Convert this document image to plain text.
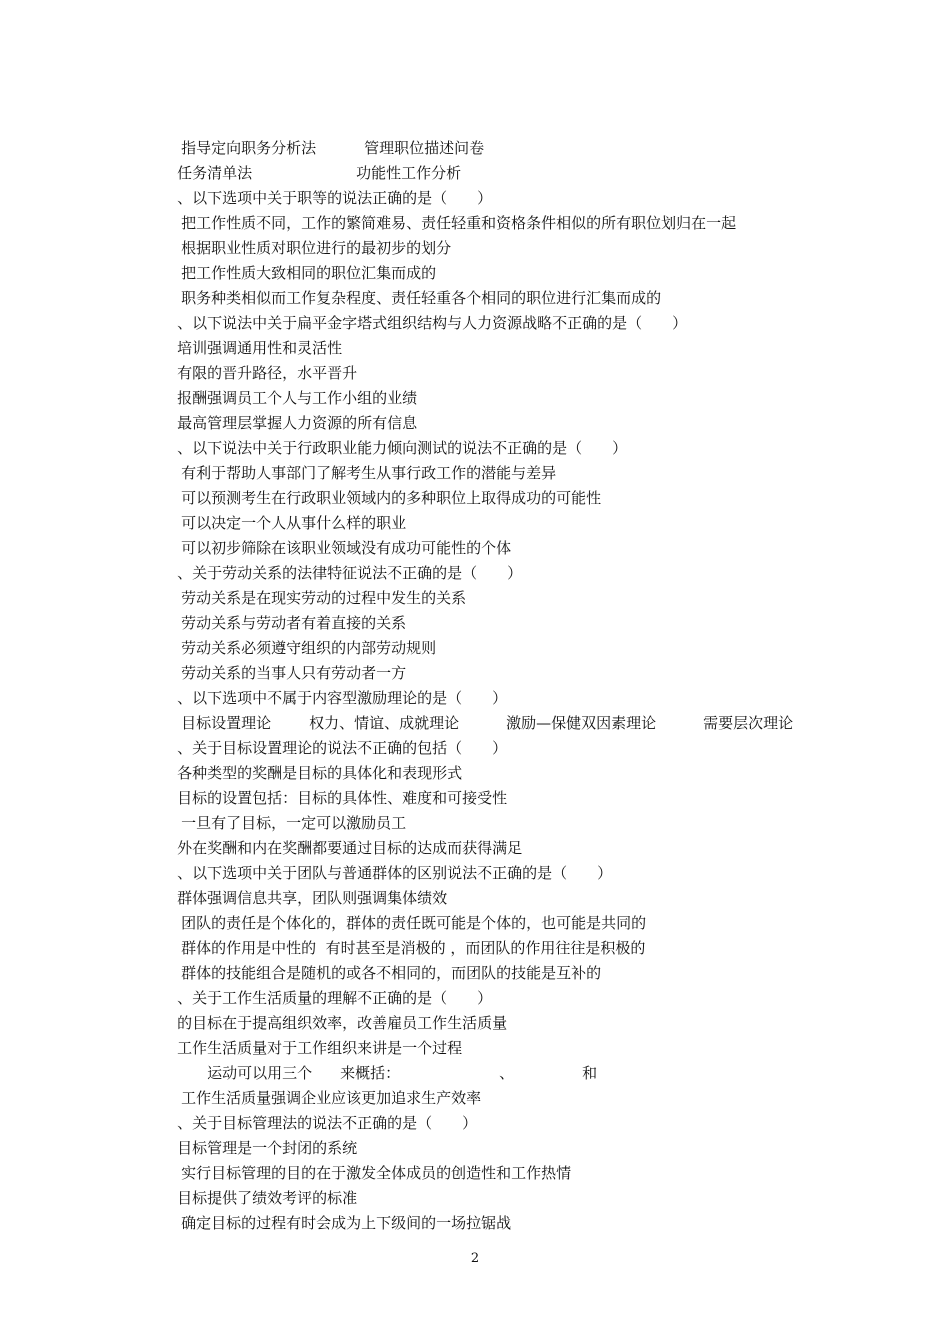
指导定向职务分析法
	管理职位描述问卷

任务清单法
	功能性工作分析

、以下选项中关于职等的说法正确的是（　　）

把工作性质不同，工作的繁简难易、责任轻重和资格条件相似的所有职位划归在一起

根据职业性质对职位进行的最初步的划分

把工作性质大致相同的职位汇集而成的

职务种类相似而工作复杂程度、责任轻重各个相同的职位进行汇集而成的

、以下说法中关于扁平金字塔式组织结构与人力资源战略不正确的是（　　）

培训强调通用性和灵活性

有限的晋升路径，水平晋升

报酬强调员工个人与工作小组的业绩

最高管理层掌握人力资源的所有信息

、以下说法中关于行政职业能力倾向测试的说法不正确的是（　　）

有利于帮助人事部门了解考生从事行政工作的潜能与差异

可以预测考生在行政职业领域内的多种职位上取得成功的可能性

可以决定一个人从事什么样的职业

可以初步筛除在该职业领域没有成功可能性的个体

、关于劳动关系的法律特征说法不正确的是（　　）

劳动关系是在现实劳动的过程中发生的关系

劳动关系与劳动者有着直接的关系

劳动关系必须遵守组织的内部劳动规则

劳动关系的当事人只有劳动者一方

、以下选项中不属于内容型激励理论的是（　　）

目标设置理论
	权力、情谊、成就理论
	激励—保健双因素理论
	需要层次理论

、关于目标设置理论的说法不正确的包括（　　）

各种类型的奖酬是目标的具体化和表现形式

目标的设置包括：目标的具体性、难度和可接受性

一旦有了目标，一定可以激励员工

外在奖酬和内在奖酬都要通过目标的达成而获得满足

、以下选项中关于团队与普通群体的区别说法不正确的是（　　）

群体强调信息共享，团队则强调集体绩效

团队的责任是个体化的，群体的责任既可能是个体的，也可能是共同的

群体的作用是中性的  有时甚至是消极的 ，而团队的作用往往是积极的

群体的技能组合是随机的或各不相同的，而团队的技能是互补的

、关于工作生活质量的理解不正确的是（　　）

的目标在于提高组织效率，改善雇员工作生活质量

工作生活质量对于工作组织来讲是一个过程

运动可以用三个
	来概括：
	、
	和

工作生活质量强调企业应该更加追求生产效率

、关于目标管理法的说法不正确的是（　　）

目标管理是一个封闭的系统

实行目标管理的目的在于激发全体成员的创造性和工作热情

目标提供了绩效考评的标准

确定目标的过程有时会成为上下级间的一场拉锯战

2
